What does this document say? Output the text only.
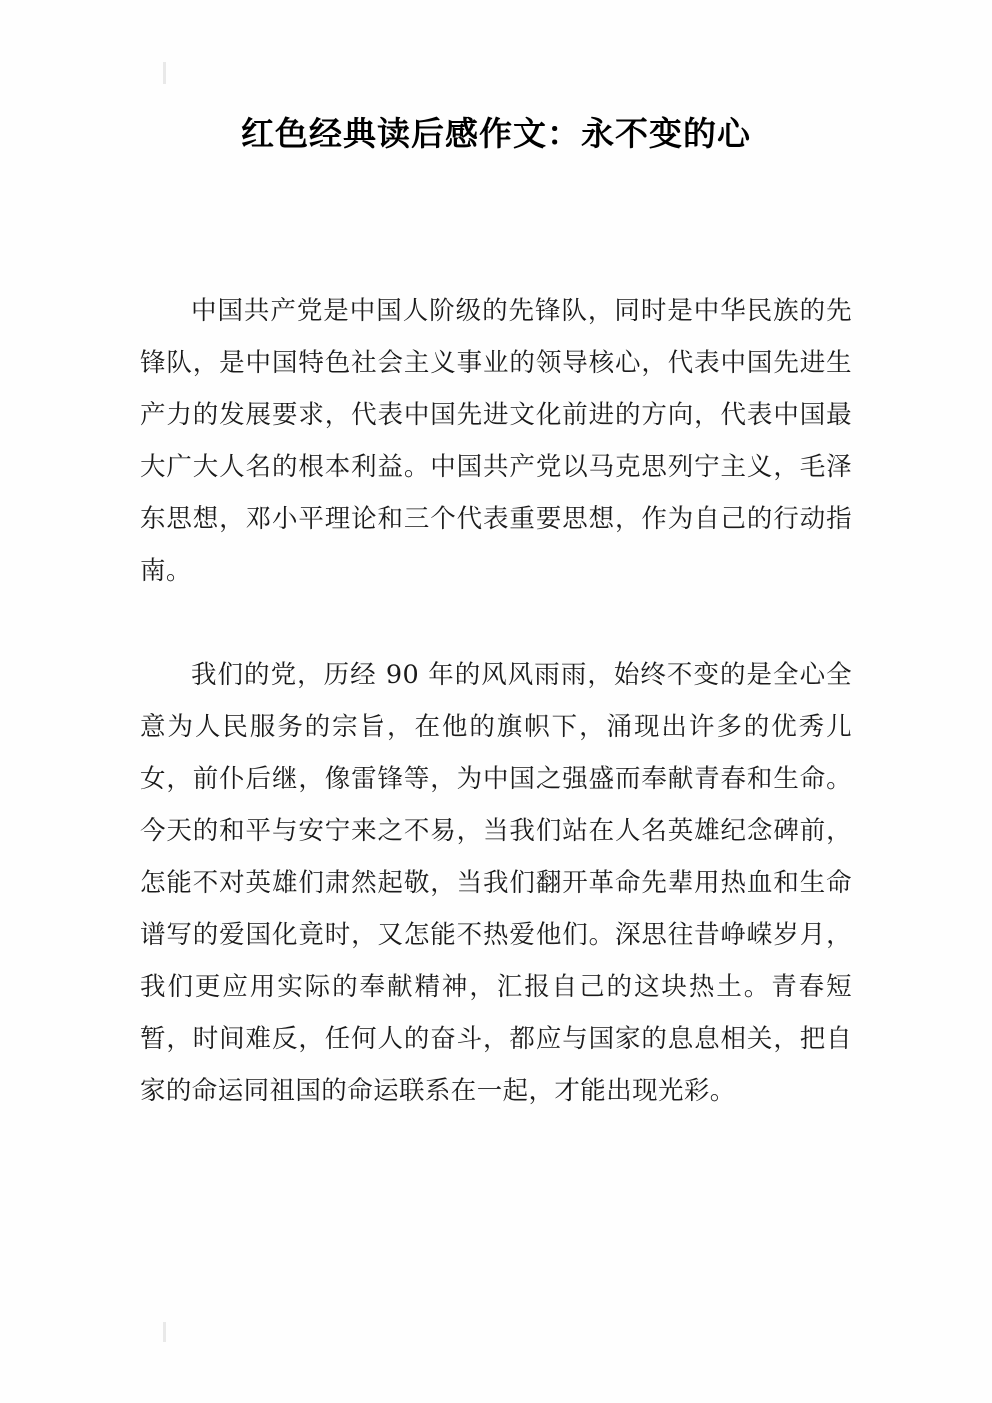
红色经典读后感作文：永不变的心

中国共产党是中国人阶级的先锋队，同时是中华民族的先锋队，是中国特色社会主义事业的领导核心，代表中国先进生产力的发展要求，代表中国先进文化前进的方向，代表中国最大广大人名的根本利益。中国共产党以马克思列宁主义，毛泽东思想，邓小平理论和三个代表重要思想，作为自己的行动指南。

我们的党，历经 90 年的风风雨雨，始终不变的是全心全意为人民服务的宗旨，在他的旗帜下，涌现出许多的优秀儿女，前仆后继，像雷锋等，为中国之强盛而奉献青春和生命。今天的和平与安宁来之不易，当我们站在人名英雄纪念碑前，怎能不对英雄们肃然起敬，当我们翻开革命先辈用热血和生命谱写的爱国化竟时，又怎能不热爱他们。深思往昔峥嵘岁月，我们更应用实际的奉献精神，汇报自己的这块热土。青春短暂，时间难反，任何人的奋斗，都应与国家的息息相关，把自家的命运同祖国的命运联系在一起，才能出现光彩。
